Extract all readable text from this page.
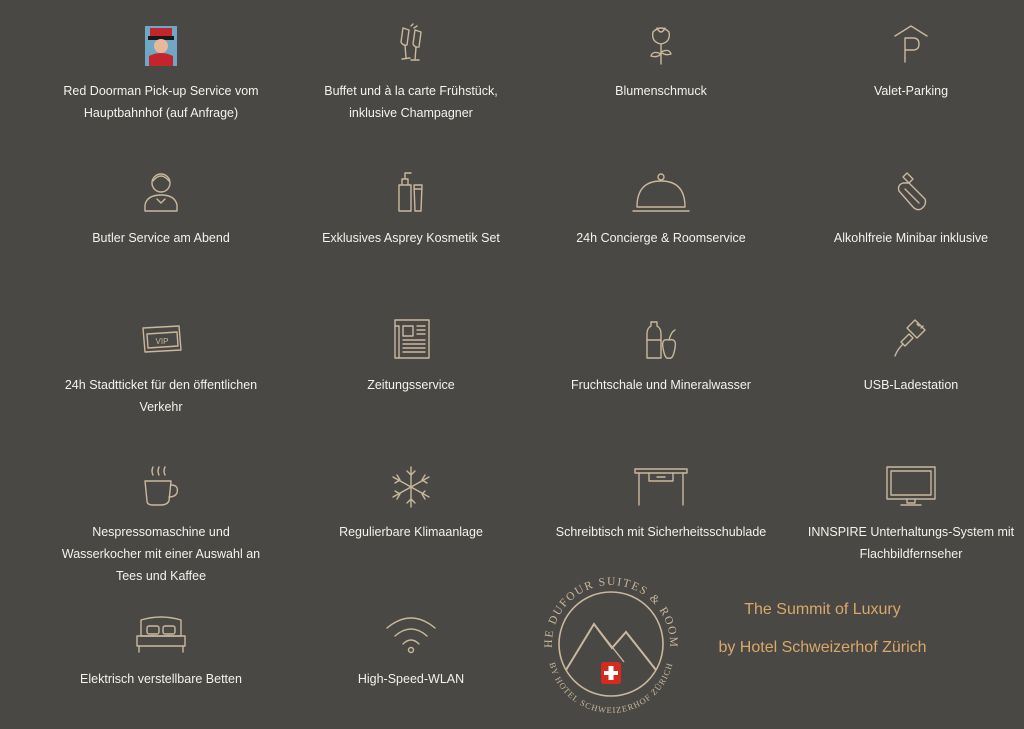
Red Doorman Pick-up Service vom
Hauptbahnhof (auf Anfrage)
Buffet und à la carte Frühstück,
inklusive Champagner
Blumenschmuck	Valet-Parking
Butler Service am Abend	Exklusives Asprey Kosmetik Set	24h Concierge & Roomservice	Alkohlfreie Minibar inklusive
VIP
24h Stadtticket für den öffentlichen
Verkehr
Zeitungsservice	Fruchtschale und Mineralwasser	USB-Ladestation
Nespressomaschine und
Wasserkocher mit einer Auswahl an
Tees und Kaffee
Regulierbare Klimaanlage	Schreibtisch mit Sicherheitsschublade	INNSPIRE Unterhaltungs-System mit
Flachbildfernseher
Elektrisch verstellbare Betten	High-Speed-WLAN
HE DUFOUR SUITES & ROOM
BY HOTEL SCHWEIZERHOF ZÜRICH
The Summit of Luxury
by Hotel Schweizerhof Zürich
